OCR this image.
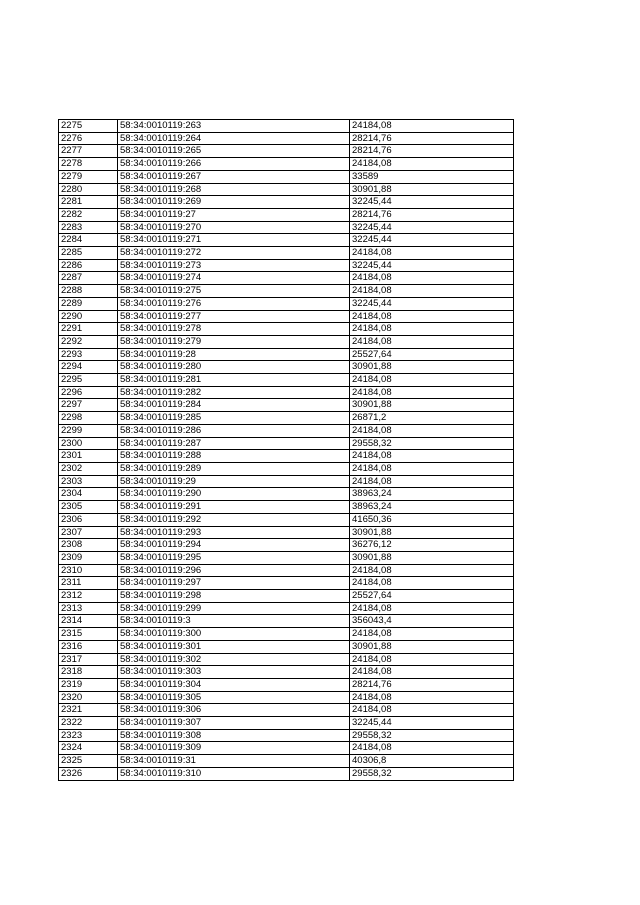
2275	58:34:0010119:263	24184,08
2276	58:34:0010119:264	28214,76
2277	58:34:0010119:265	28214,76
2278	58:34:0010119:266	24184,08
2279	58:34:0010119:267	33589
2280	58:34:0010119:268	30901,88
2281	58:34:0010119:269	32245,44
2282	58:34:0010119:27	28214,76
2283	58:34:0010119:270	32245,44
2284	58:34:0010119:271	32245,44
2285	58:34:0010119:272	24184,08
2286	58:34:0010119:273	32245,44
2287	58:34:0010119:274	24184,08
2288	58:34:0010119:275	24184,08
2289	58:34:0010119:276	32245,44
2290	58:34:0010119:277	24184,08
2291	58:34:0010119:278	24184,08
2292	58:34:0010119:279	24184,08
2293	58:34:0010119:28	25527,64
2294	58:34:0010119:280	30901,88
2295	58:34:0010119:281	24184,08
2296	58:34:0010119:282	24184,08
2297	58:34:0010119:284	30901,88
2298	58:34:0010119:285	26871,2
2299	58:34:0010119:286	24184,08
2300	58:34:0010119:287	29558,32
2301	58:34:0010119:288	24184,08
2302	58:34:0010119:289	24184,08
2303	58:34:0010119:29	24184,08
2304	58:34:0010119:290	38963,24
2305	58:34:0010119:291	38963,24
2306	58:34:0010119:292	41650,36
2307	58:34:0010119:293	30901,88
2308	58:34:0010119:294	36276,12
2309	58:34:0010119:295	30901,88
2310	58:34:0010119:296	24184,08
2311	58:34:0010119:297	24184,08
2312	58:34:0010119:298	25527,64
2313	58:34:0010119:299	24184,08
2314	58:34:0010119:3	356043,4
2315	58:34:0010119:300	24184,08
2316	58:34:0010119:301	30901,88
2317	58:34:0010119:302	24184,08
2318	58:34:0010119:303	24184,08
2319	58:34:0010119:304	28214,76
2320	58:34:0010119:305	24184,08
2321	58:34:0010119:306	24184,08
2322	58:34:0010119:307	32245,44
2323	58:34:0010119:308	29558,32
2324	58:34:0010119:309	24184,08
2325	58:34:0010119:31	40306,8
2326	58:34:0010119:310	29558,32
